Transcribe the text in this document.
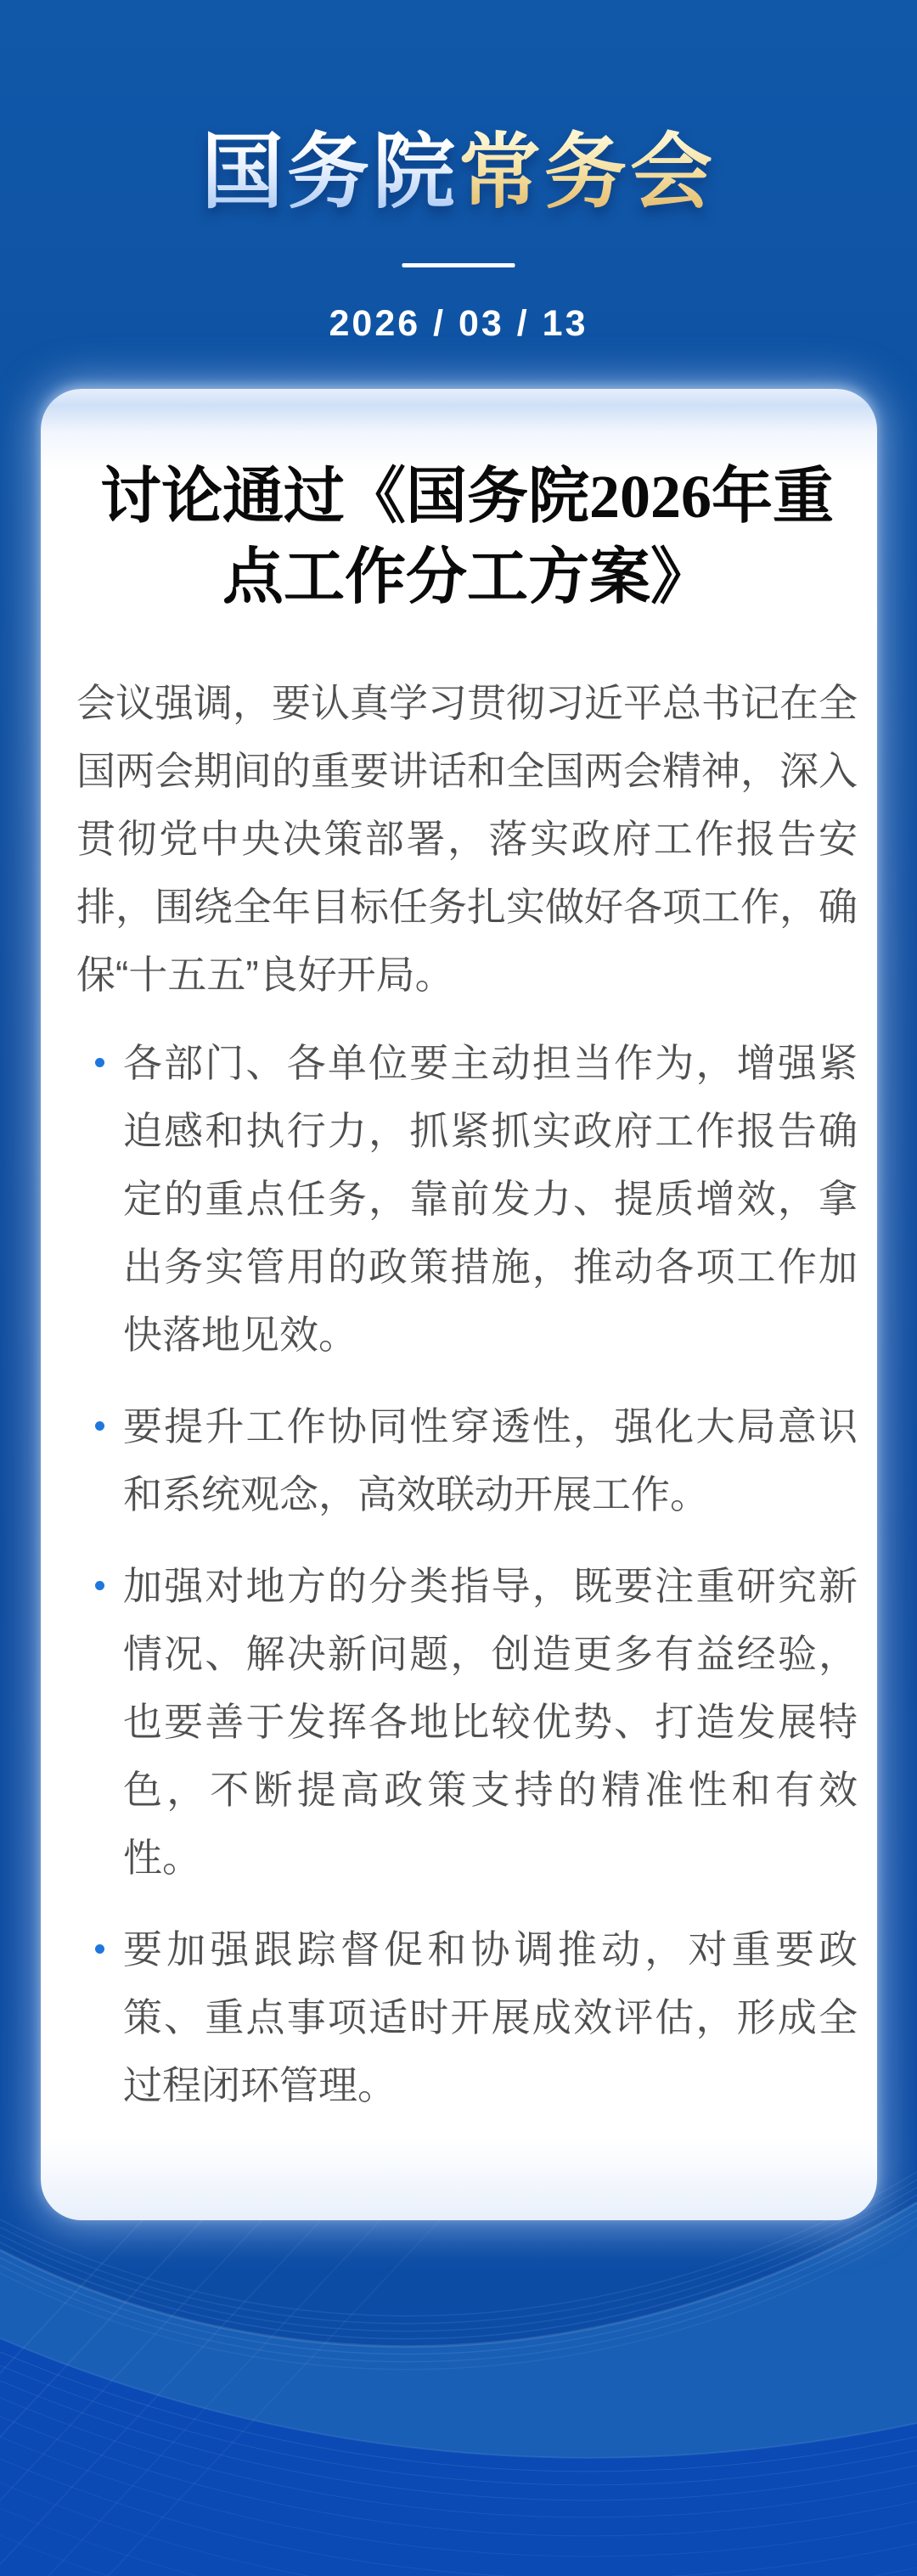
国务院常务会
2026 / 03 / 13
讨论通过《国务院2026年重点工作分工方案》

会议强调，要认真学习贯彻习近平总书记在全国两会期间的重要讲话和全国两会精神，深入贯彻党中央决策部署，落实政府工作报告安排，围绕全年目标任务扎实做好各项工作，确保“十五五”良好开局。

各部门、各单位要主动担当作为，增强紧迫感和执行力，抓紧抓实政府工作报告确定的重点任务，靠前发力、提质增效，拿出务实管用的政策措施，推动各项工作加快落地见效。
要提升工作协同性穿透性，强化大局意识和系统观念，高效联动开展工作。
加强对地方的分类指导，既要注重研究新情况、解决新问题，创造更多有益经验，也要善于发挥各地比较优势、打造发展特色，不断提高政策支持的精准性和有效性。
要加强跟踪督促和协调推动，对重要政策、重点事项适时开展成效评估，形成全过程闭环管理。
